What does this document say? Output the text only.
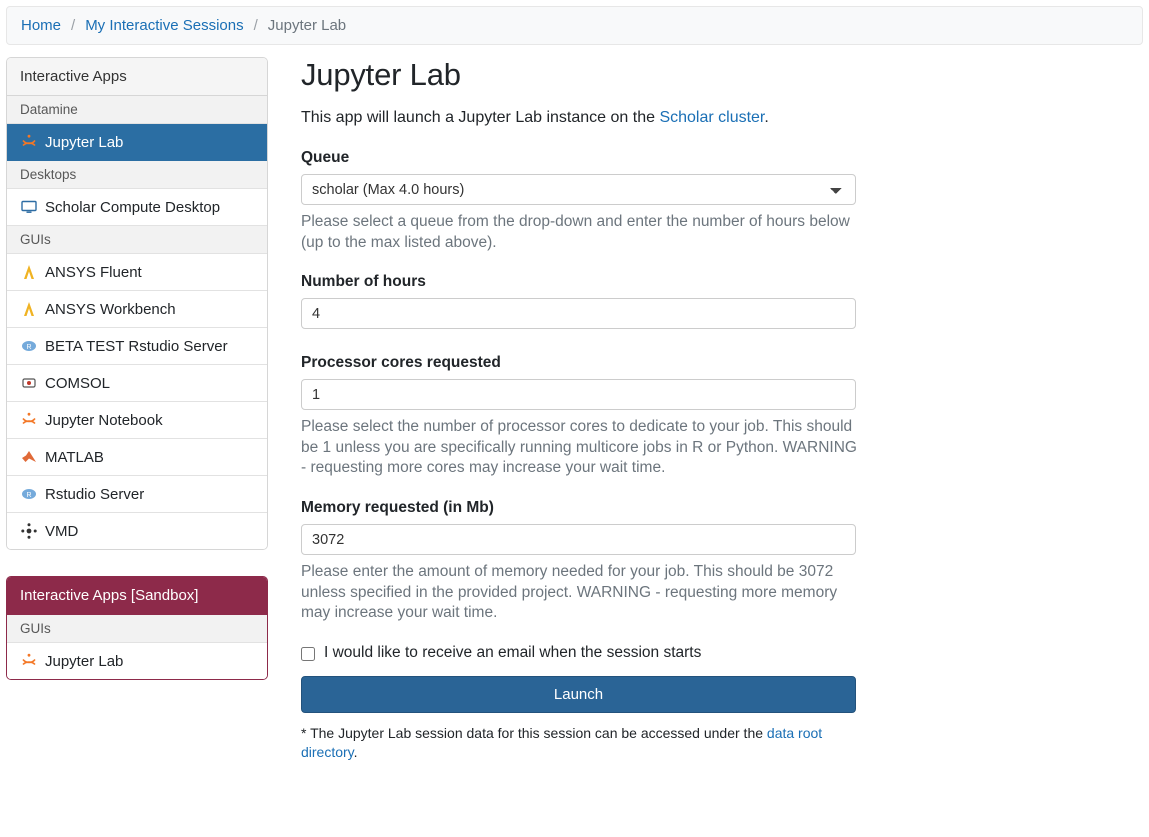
Home / My Interactive Sessions / Jupyter Lab
Interactive Apps
Datamine
Jupyter Lab
Desktops
Scholar Compute Desktop
GUIs
ANSYS Fluent
ANSYS Workbench
R BETA TEST Rstudio Server
COMSOL
Jupyter Notebook
MATLAB
R Rstudio Server
VMD
Interactive Apps [Sandbox]
GUIs
Jupyter Lab
Jupyter Lab

This app will launch a Jupyter Lab instance on the Scholar cluster.

Queue
scholar (Max 4.0 hours)
Please select a queue from the drop-down and enter the number of hours below (up to the max listed above).
Number of hours
4
Processor cores requested
1
Please select the number of processor cores to dedicate to your job. This should be 1 unless you are specifically running multicore jobs in R or Python. WARNING - requesting more cores may increase your wait time.
Memory requested (in Mb)
3072
Please enter the amount of memory needed for your job. This should be 3072 unless specified in the provided project. WARNING - requesting more memory may increase your wait time.
I would like to receive an email when the session starts
Launch
* The Jupyter Lab session data for this session can be accessed under the data root directory.
